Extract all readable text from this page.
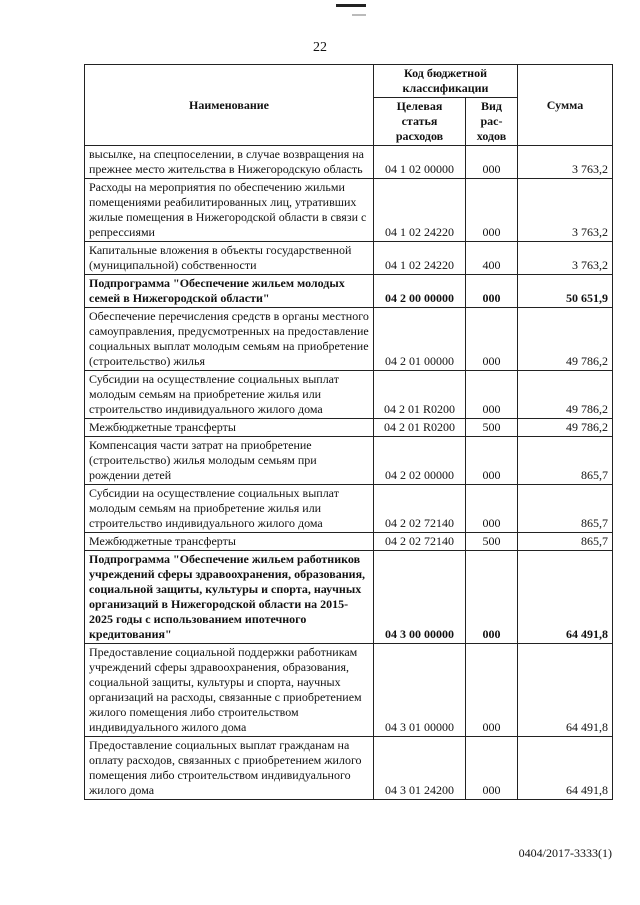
22
Наименование	Код бюджетной классификации		Сумма
	Целевая статья расходов	Вид рас-ходов	
высылке, на спецпоселении, в случае возвращения на прежнее место жительства в Нижегородскую область	04 1 02 00000	000	3 763,2
Расходы на мероприятия по обеспечению жильми помещениями реабилитированных лиц, утративших жилые помещения в Нижегородской области в связи с репрессиями	04 1 02 24220	000	3 763,2
Капитальные вложения в объекты государственной (муниципальной) собственности	04 1 02 24220	400	3 763,2
Подпрограмма "Обеспечение жильем молодых семей в Нижегородской области"	04 2 00 00000	000	50 651,9
Обеспечение перечисления средств в органы местного самоуправления, предусмотренных на предоставление социальных выплат молодым семьям на приобретение (строительство) жилья	04 2 01 00000	000	49 786,2
Субсидии на осуществление социальных выплат молодым семьям на приобретение жилья или строительство индивидуального жилого дома	04 2 01 R0200	000	49 786,2
Межбюджетные трансферты	04 2 01 R0200	500	49 786,2
Компенсация части затрат на приобретение (строительство) жилья молодым семьям при рождении детей	04 2 02 00000	000	865,7
Субсидии на осуществление социальных выплат молодым семьям на приобретение жилья или строительство индивидуального жилого дома	04 2 02 72140	000	865,7
Межбюджетные трансферты	04 2 02 72140	500	865,7
Подпрограмма "Обеспечение жильем работников учреждений сферы здравоохранения, образования, социальной защиты, культуры и спорта, научных организаций в Нижегородской области на 2015-2025 годы с использованием ипотечного кредитования"	04 3 00 00000	000	64 491,8
Предоставление социальной поддержки работникам учреждений сферы здравоохранения, образования, социальной защиты, культуры и спорта, научных организаций на расходы, связанные с приобретением жилого помещения либо строительством индивидуального жилого дома	04 3 01 00000	000	64 491,8
Предоставление социальных выплат гражданам на оплату расходов, связанных с приобретением жилого помещения либо строительством индивидуального жилого дома	04 3 01 24200	000	64 491,8
0404/2017-3333(1)
